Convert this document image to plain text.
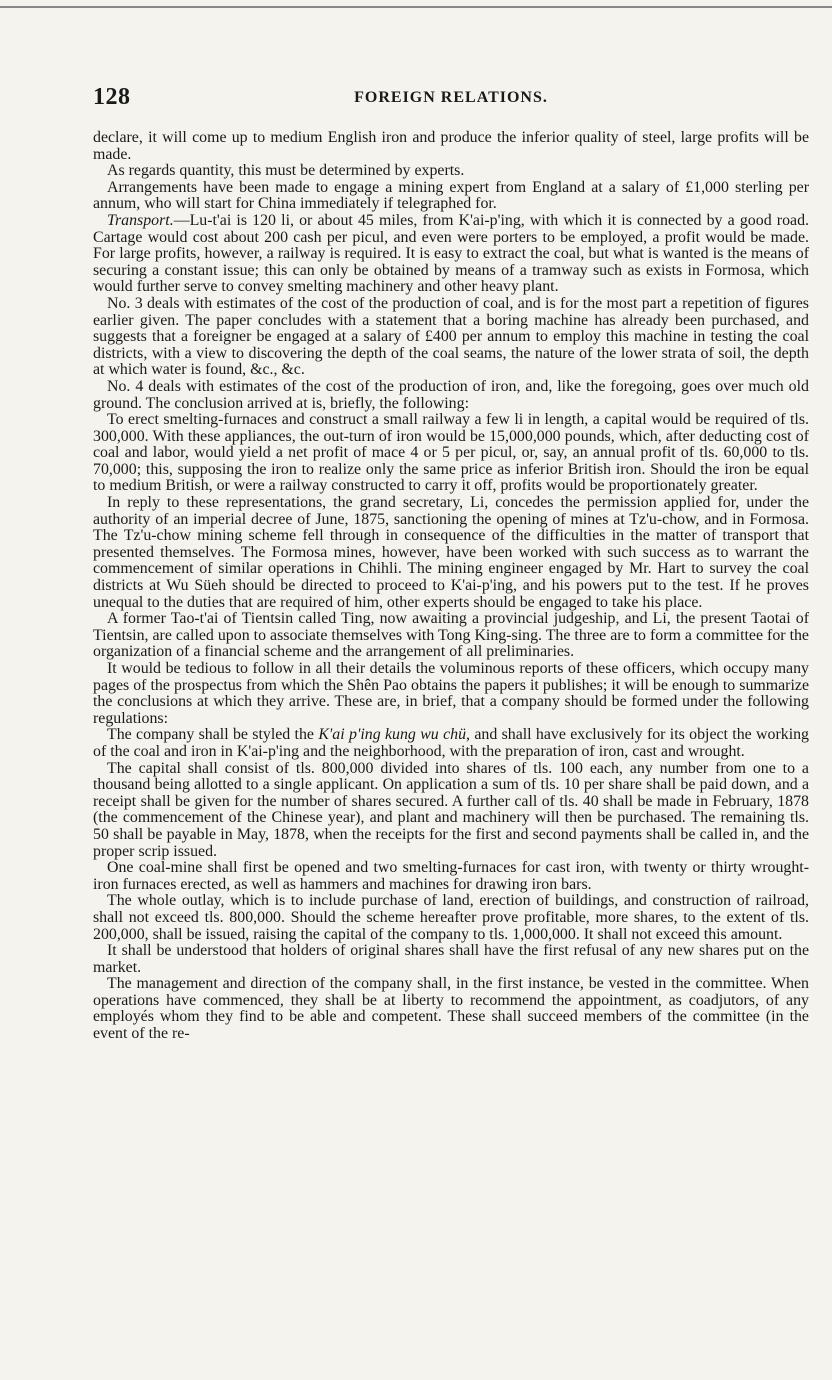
128	FOREIGN RELATIONS.

declare, it will come up to medium English iron and produce the inferior quality of steel, large profits will be made.

As regards quantity, this must be determined by experts.

Arrangements have been made to engage a mining expert from England at a salary of £1,000 sterling per annum, who will start for China immediately if telegraphed for.

Transport.—Lu-t'ai is 120 li, or about 45 miles, from K'ai-p'ing, with which it is connected by a good road. Cartage would cost about 200 cash per picul, and even were porters to be employed, a profit would be made. For large profits, however, a railway is required. It is easy to extract the coal, but what is wanted is the means of securing a constant issue; this can only be obtained by means of a tramway such as exists in Formosa, which would further serve to convey smelting machinery and other heavy plant.

No. 3 deals with estimates of the cost of the production of coal, and is for the most part a repetition of figures earlier given. The paper concludes with a statement that a boring machine has already been purchased, and suggests that a foreigner be engaged at a salary of £400 per annum to employ this machine in testing the coal districts, with a view to discovering the depth of the coal seams, the nature of the lower strata of soil, the depth at which water is found, &c., &c.

No. 4 deals with estimates of the cost of the production of iron, and, like the foregoing, goes over much old ground. The conclusion arrived at is, briefly, the following:

To erect smelting-furnaces and construct a small railway a few li in length, a capital would be required of tls. 300,000. With these appliances, the out-turn of iron would be 15,000,000 pounds, which, after deducting cost of coal and labor, would yield a net profit of mace 4 or 5 per picul, or, say, an annual profit of tls. 60,000 to tls. 70,000; this, supposing the iron to realize only the same price as inferior British iron. Should the iron be equal to medium British, or were a railway constructed to carry it off, profits would be proportionately greater.

In reply to these representations, the grand secretary, Li, concedes the permission applied for, under the authority of an imperial decree of June, 1875, sanctioning the opening of mines at Tz'u-chow, and in Formosa. The Tz'u-chow mining scheme fell through in consequence of the difficulties in the matter of transport that presented themselves. The Formosa mines, however, have been worked with such success as to warrant the commencement of similar operations in Chihli. The mining engineer engaged by Mr. Hart to survey the coal districts at Wu Süeh should be directed to proceed to K'ai-p'ing, and his powers put to the test. If he proves unequal to the duties that are required of him, other experts should be engaged to take his place.

A former Tao-t'ai of Tientsin called Ting, now awaiting a provincial judgeship, and Li, the present Taotai of Tientsin, are called upon to associate themselves with Tong King-sing. The three are to form a committee for the organization of a financial scheme and the arrangement of all preliminaries.

It would be tedious to follow in all their details the voluminous reports of these officers, which occupy many pages of the prospectus from which the Shên Pao obtains the papers it publishes; it will be enough to summarize the conclusions at which they arrive. These are, in brief, that a company should be formed under the following regulations:

The company shall be styled the K'ai p'ing kung wu chü, and shall have exclusively for its object the working of the coal and iron in K'ai-p'ing and the neighborhood, with the preparation of iron, cast and wrought.

The capital shall consist of tls. 800,000 divided into shares of tls. 100 each, any number from one to a thousand being allotted to a single applicant. On application a sum of tls. 10 per share shall be paid down, and a receipt shall be given for the number of shares secured. A further call of tls. 40 shall be made in February, 1878 (the commencement of the Chinese year), and plant and machinery will then be purchased. The remaining tls. 50 shall be payable in May, 1878, when the receipts for the first and second payments shall be called in, and the proper scrip issued.

One coal-mine shall first be opened and two smelting-furnaces for cast iron, with twenty or thirty wrought-iron furnaces erected, as well as hammers and machines for drawing iron bars.

The whole outlay, which is to include purchase of land, erection of buildings, and construction of railroad, shall not exceed tls. 800,000. Should the scheme hereafter prove profitable, more shares, to the extent of tls. 200,000, shall be issued, raising the capital of the company to tls. 1,000,000. It shall not exceed this amount.

It shall be understood that holders of original shares shall have the first refusal of any new shares put on the market.

The management and direction of the company shall, in the first instance, be vested in the committee. When operations have commenced, they shall be at liberty to recommend the appointment, as coadjutors, of any employés whom they find to be able and competent. These shall succeed members of the committee (in the event of the re-
